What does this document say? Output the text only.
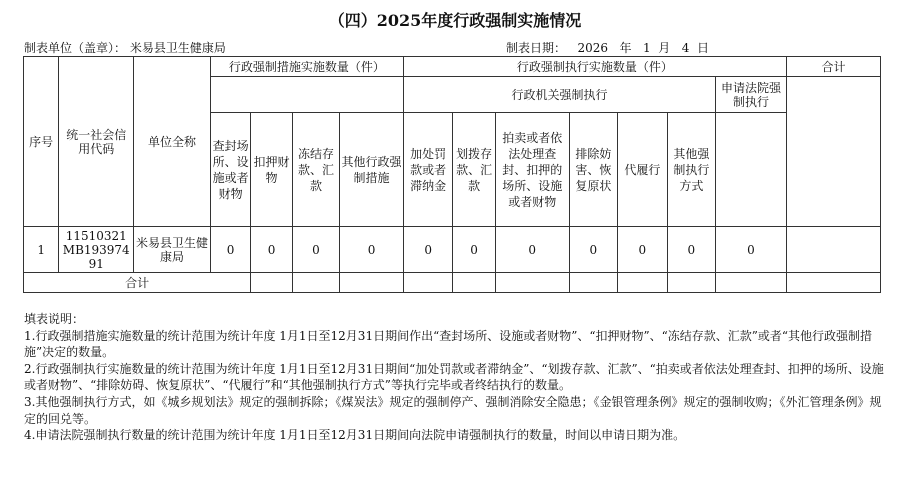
（四）2025年度行政强制实施情况
制表单位（盖章）： 米易县卫生健康局	制表日期： 2026 年 1 月 4 日
序号	统一社会信用代码	单位全称	行政强制措施实施数量（件）				行政强制执行实施数量（件）							合计
							行政机关强制执行						申请法院强制执行	
			查封场所、设施或者财物	扣押财物	冻结存款、汇款	其他行政强制措施	加处罚款或者滞纳金	划拨存款、汇款	拍卖或者依法处理查封、扣押的场所、设施或者财物	排除妨害、恢复原状	代履行	其他强制执行方式		
1	11510321MB19397491	米易县卫生健康局	0	0	0	0	0	0	0	0	0	0	0	
合计														
填表说明：
1.行政强制措施实施数量的统计范围为统计年度 1月1日至12月31日期间作出“查封场所、设施或者财物”、“扣押财物”、“冻结存款、汇款”或者“其他行政强制措施”决定的数量。
2.行政强制执行实施数量的统计范围为统计年度 1月1日至12月31日期间“加处罚款或者滞纳金”、“划拨存款、汇款”、“拍卖或者依法处理查封、扣押的场所、设施或者财物”、“排除妨碍、恢复原状”、“代履行”和“其他强制执行方式”等执行完毕或者终结执行的数量。
3.其他强制执行方式，如《城乡规划法》规定的强制拆除；《煤炭法》规定的强制停产、强制消除安全隐患；《金银管理条例》规定的强制收购；《外汇管理条例》规定的回兑等。
4.申请法院强制执行数量的统计范围为统计年度 1月1日至12月31日期间向法院申请强制执行的数量，时间以申请日期为准。
